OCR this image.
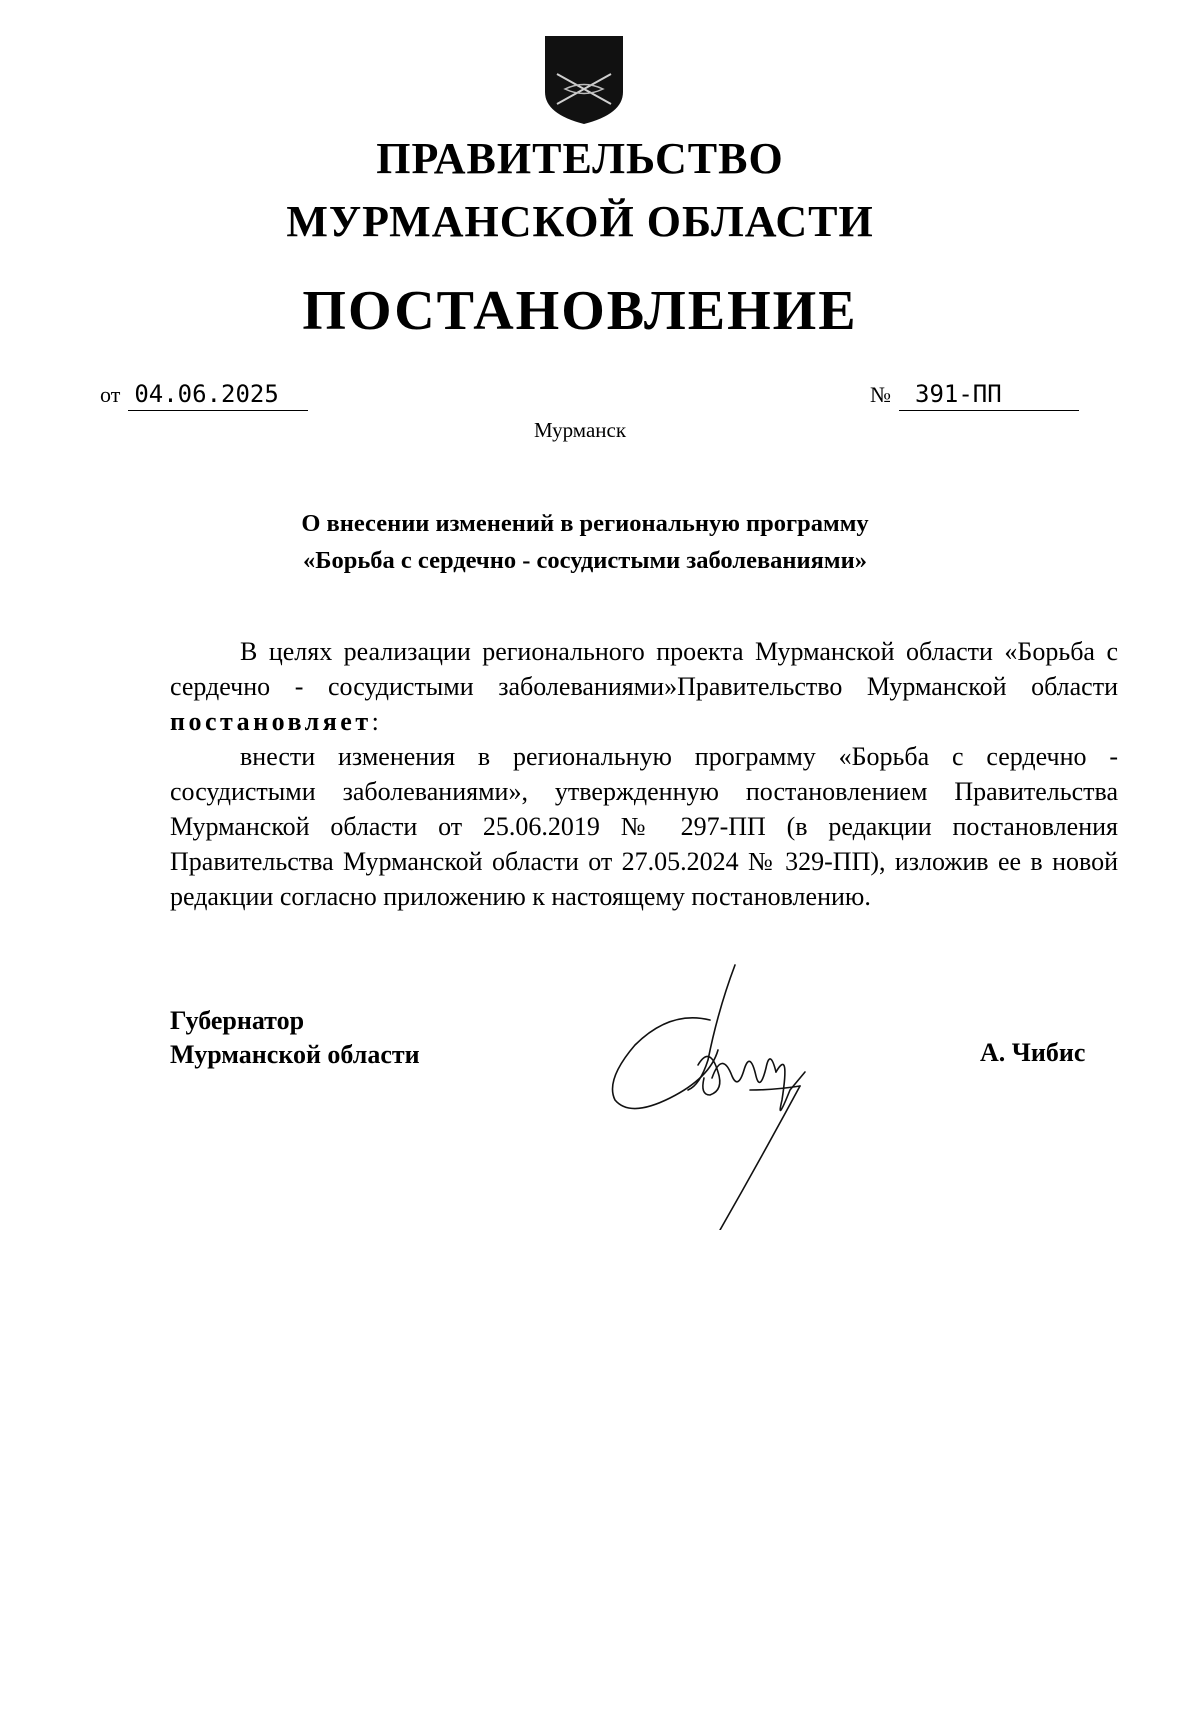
ПРАВИТЕЛЬСТВО
МУРМАНСКОЙ ОБЛАСТИ
ПОСТАНОВЛЕНИЕ
от 04.06.2025	№ 391-ПП
Мурманск
О внесении изменений в региональную программу
«Борьба с сердечно - сосудистыми заболеваниями»

В целях реализации регионального проекта Мурманской области «Борьба с сердечно - сосудистыми заболеваниями»Правительство Мурманской области постановляет:

внести изменения в региональную программу «Борьба с сердечно - сосудистыми заболеваниями», утвержденную постановлением Правительства Мурманской области от 25.06.2019 № 297-ПП (в редакции постановления Правительства Мурманской области от 27.05.2024 № 329-ПП), изложив ее в новой редакции согласно приложению к настоящему постановлению.

Губернатор
Мурманской области	А. Чибис
